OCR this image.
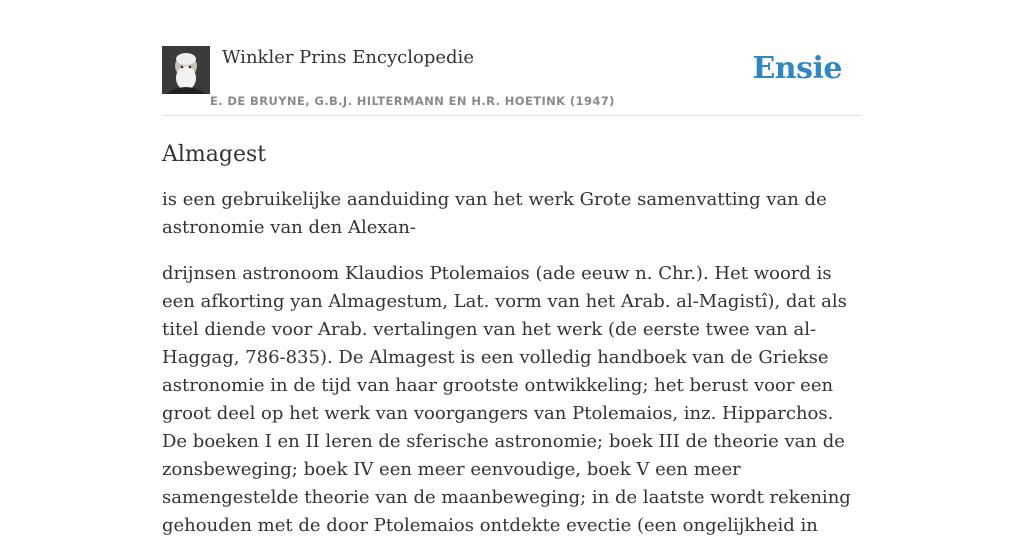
Winkler Prins Encyclopedie
E. DE BRUYNE, G.B.J. HILTERMANN EN H.R. HOETINK (1947)
Ensie
Almagest

is een gebruikelijke aanduiding van het werk Grote samenvatting van de
astronomie van den Alexan-

drijnsen astronoom Klaudios Ptolemaios (ade eeuw n. Chr.). Het woord is een afkorting yan Almagestum, Lat. vorm van het Arab. al-Magistî), dat als titel diende voor Arab. vertalingen van het werk (de eerste twee van al-Haggag, 786-835). De Almagest is een volledig handboek van de Griekse astronomie in de tijd van haar grootste ontwikkeling; het berust voor een groot deel op het werk van voorgangers van Ptolemaios, inz. Hipparchos. De boeken I en II leren de sferische astronomie; boek III de theorie van de zonsbeweging; boek IV een meer eenvoudige, boek V een meer samengestelde theorie van de maanbeweging; in de laatste wordt rekening gehouden met de door Ptolemaios ontdekte evectie (een ongelijkheid in
